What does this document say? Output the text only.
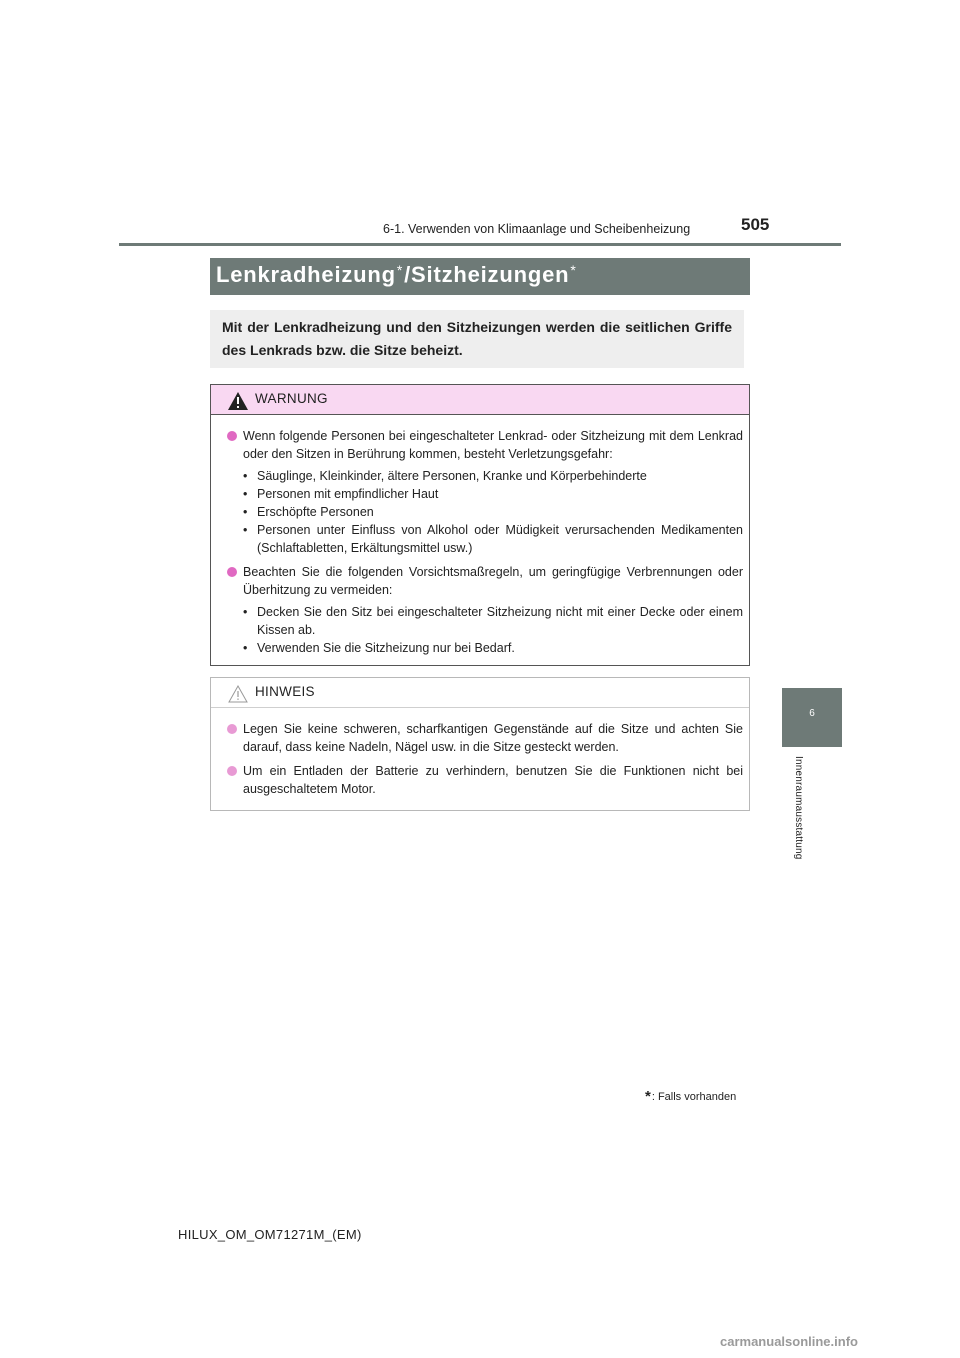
6-1. Verwenden von Klimaanlage und Scheibenheizung	505
6
Innenraumausstattung
Lenkradheizung*/Sitzheizungen*
Mit der Lenkradheizung und den Sitzheizungen werden die seitlichen Griffe des Lenkrads bzw. die Sitze beheizt.
WARNUNG
Wenn folgende Personen bei eingeschalteter Lenkrad- oder Sitzheizung mit dem Lenkrad oder den Sitzen in Berührung kommen, besteht Verletzungsgefahr:
• Säuglinge, Kleinkinder, ältere Personen, Kranke und Körperbehinderte
• Personen mit empfindlicher Haut
• Erschöpfte Personen
• Personen unter Einfluss von Alkohol oder Müdigkeit verursachenden Medikamenten (Schlaftabletten, Erkältungsmittel usw.)
Beachten Sie die folgenden Vorsichtsmaßregeln, um geringfügige Verbrennungen oder Überhitzung zu vermeiden:
• Decken Sie den Sitz bei eingeschalteter Sitzheizung nicht mit einer Decke oder einem Kissen ab.
• Verwenden Sie die Sitzheizung nur bei Bedarf.
HINWEIS
Legen Sie keine schweren, scharfkantigen Gegenstände auf die Sitze und achten Sie darauf, dass keine Nadeln, Nägel usw. in die Sitze gesteckt werden.
Um ein Entladen der Batterie zu verhindern, benutzen Sie die Funktionen nicht bei ausgeschaltetem Motor.
*: Falls vorhanden
HILUX_OM_OM71271M_(EM)
carmanualsonline.info
